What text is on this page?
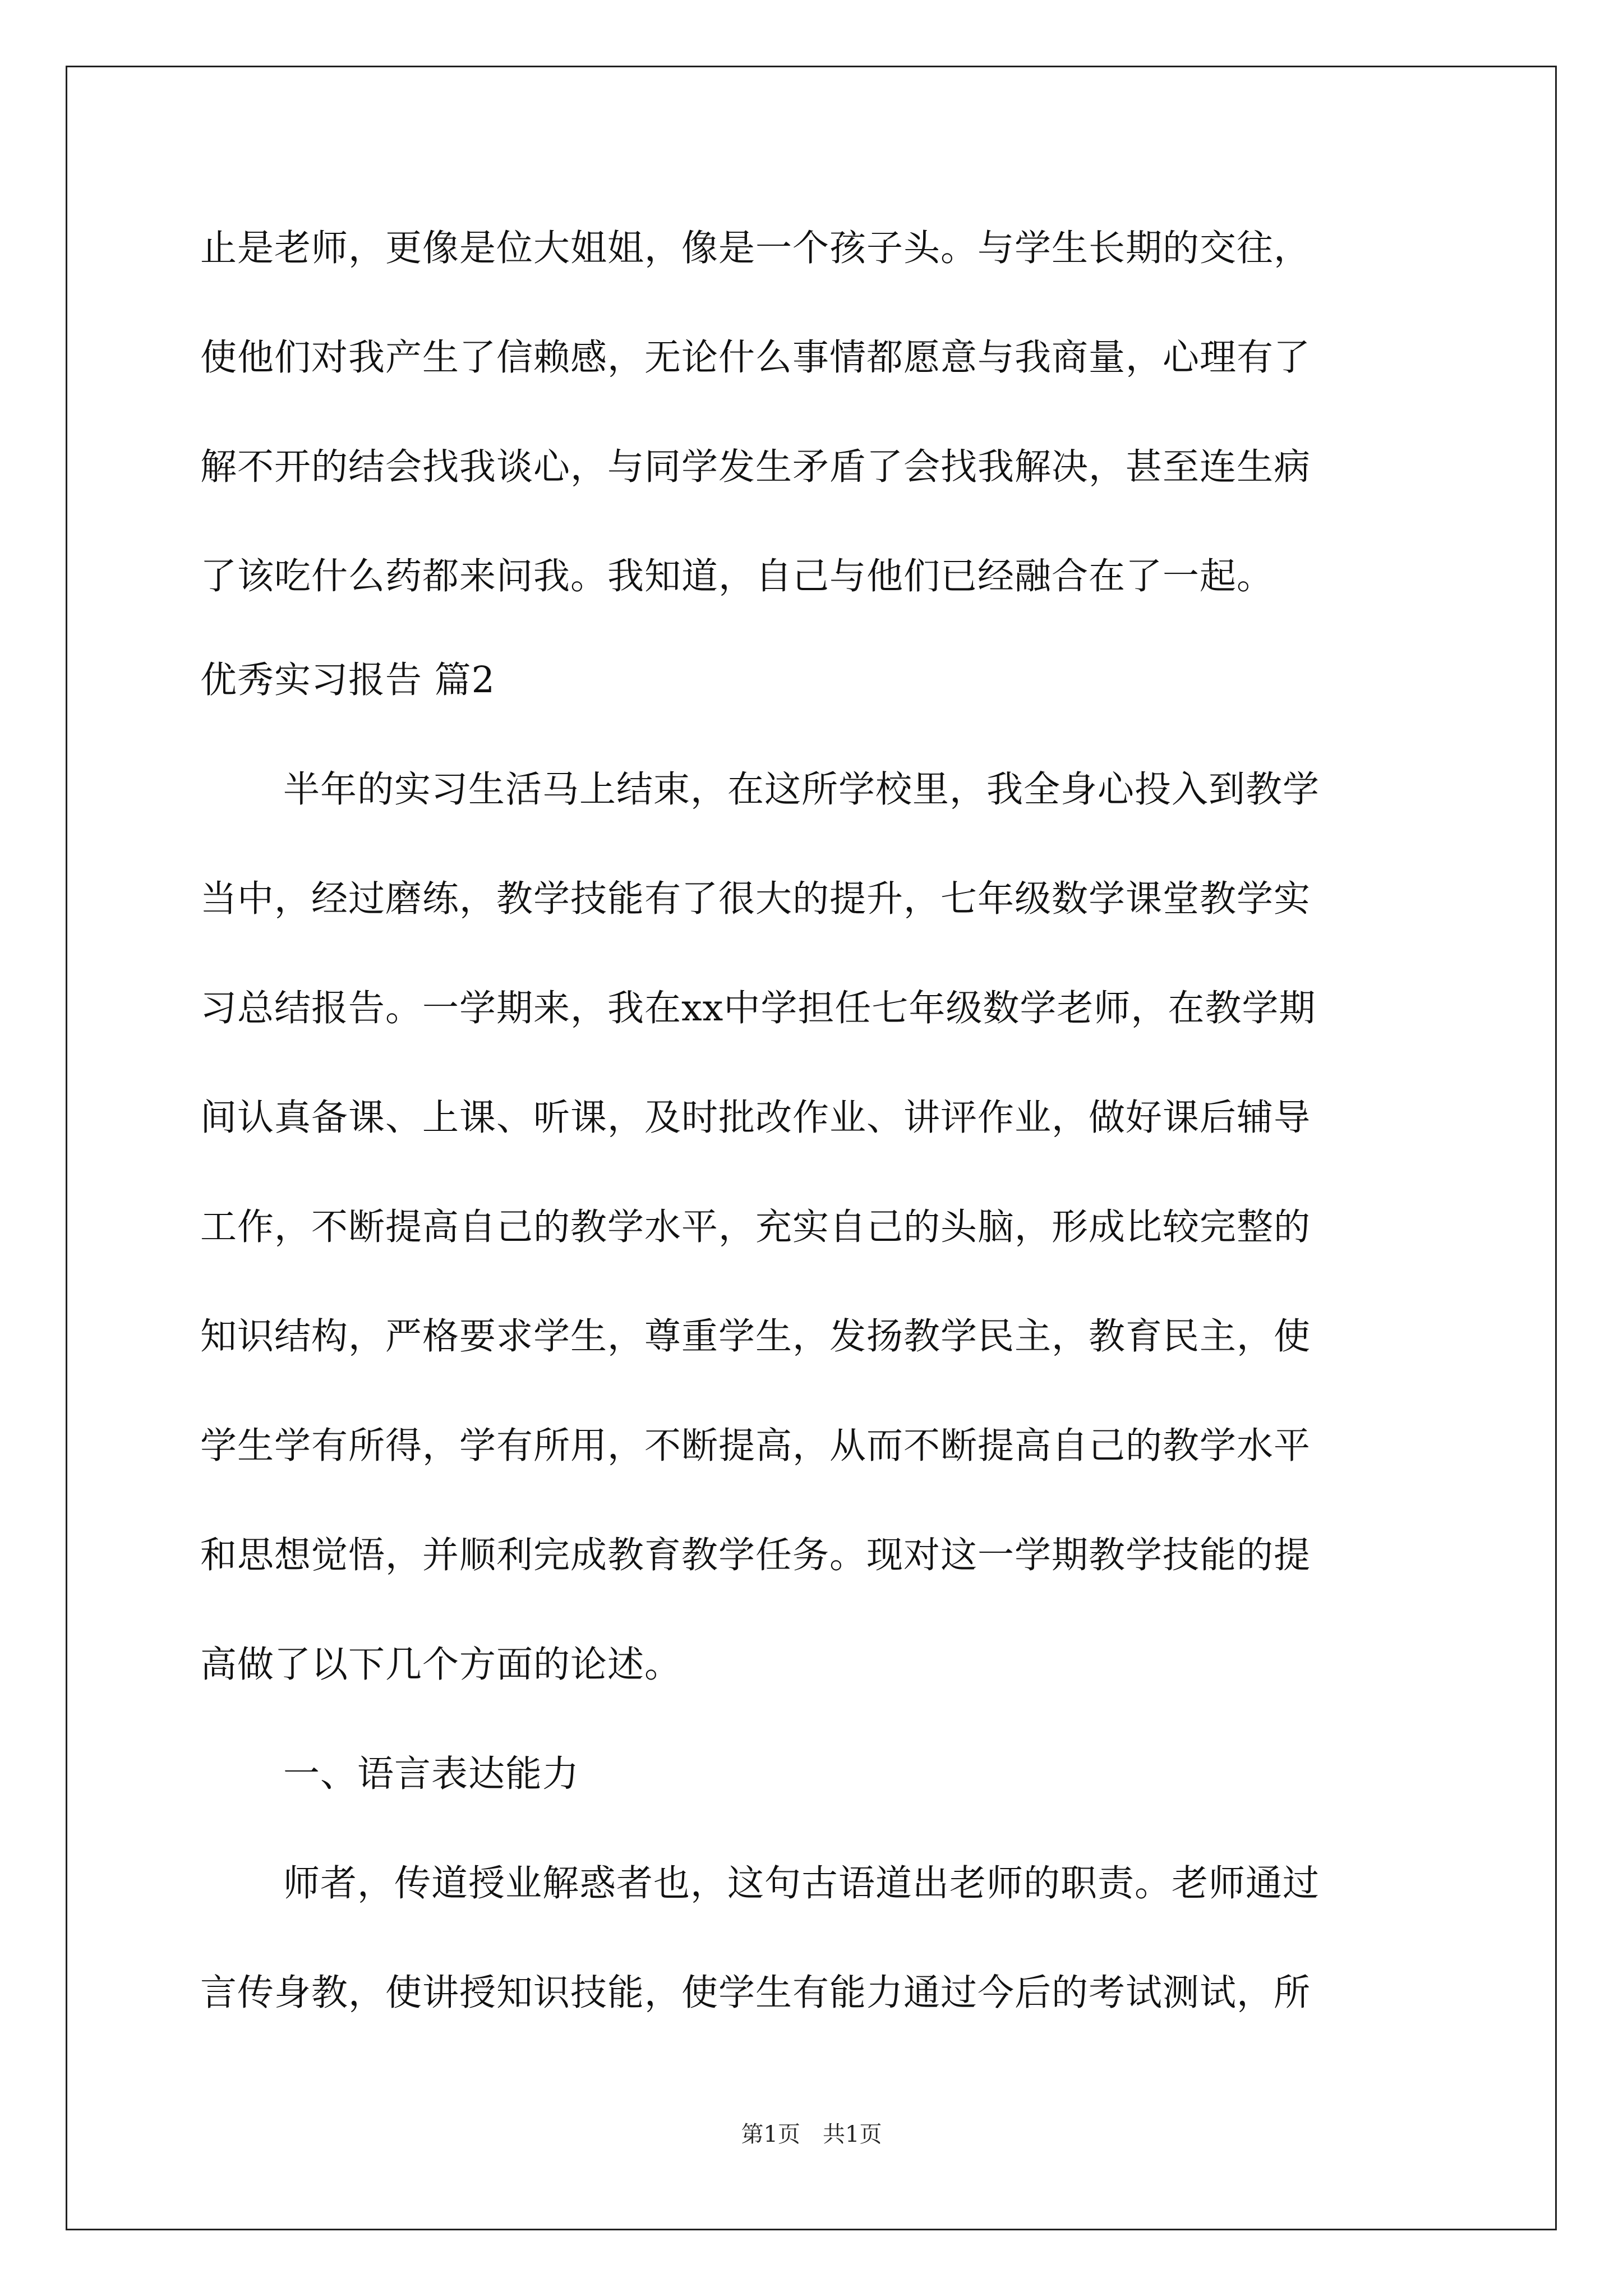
止是老师，更像是位大姐姐，像是一个孩子头。与学生长期的交往，
使他们对我产生了信赖感，无论什么事情都愿意与我商量，心理有了
解不开的结会找我谈心，与同学发生矛盾了会找我解决，甚至连生病
了该吃什么药都来问我。我知道，自己与他们已经融合在了一起。
优秀实习报告 篇2
半年的实习生活马上结束，在这所学校里，我全身心投入到教学
当中，经过磨练，教学技能有了很大的提升，七年级数学课堂教学实
习总结报告。一学期来，我在xx中学担任七年级数学老师，在教学期
间认真备课、上课、听课，及时批改作业、讲评作业，做好课后辅导
工作，不断提高自己的教学水平，充实自己的头脑，形成比较完整的
知识结构，严格要求学生，尊重学生，发扬教学民主，教育民主，使
学生学有所得，学有所用，不断提高，从而不断提高自己的教学水平
和思想觉悟，并顺利完成教育教学任务。现对这一学期教学技能的提
高做了以下几个方面的论述。
一、语言表达能力
师者，传道授业解惑者也，这句古语道出老师的职责。老师通过
言传身教，使讲授知识技能，使学生有能力通过今后的考试测试，所
第1页　共1页
